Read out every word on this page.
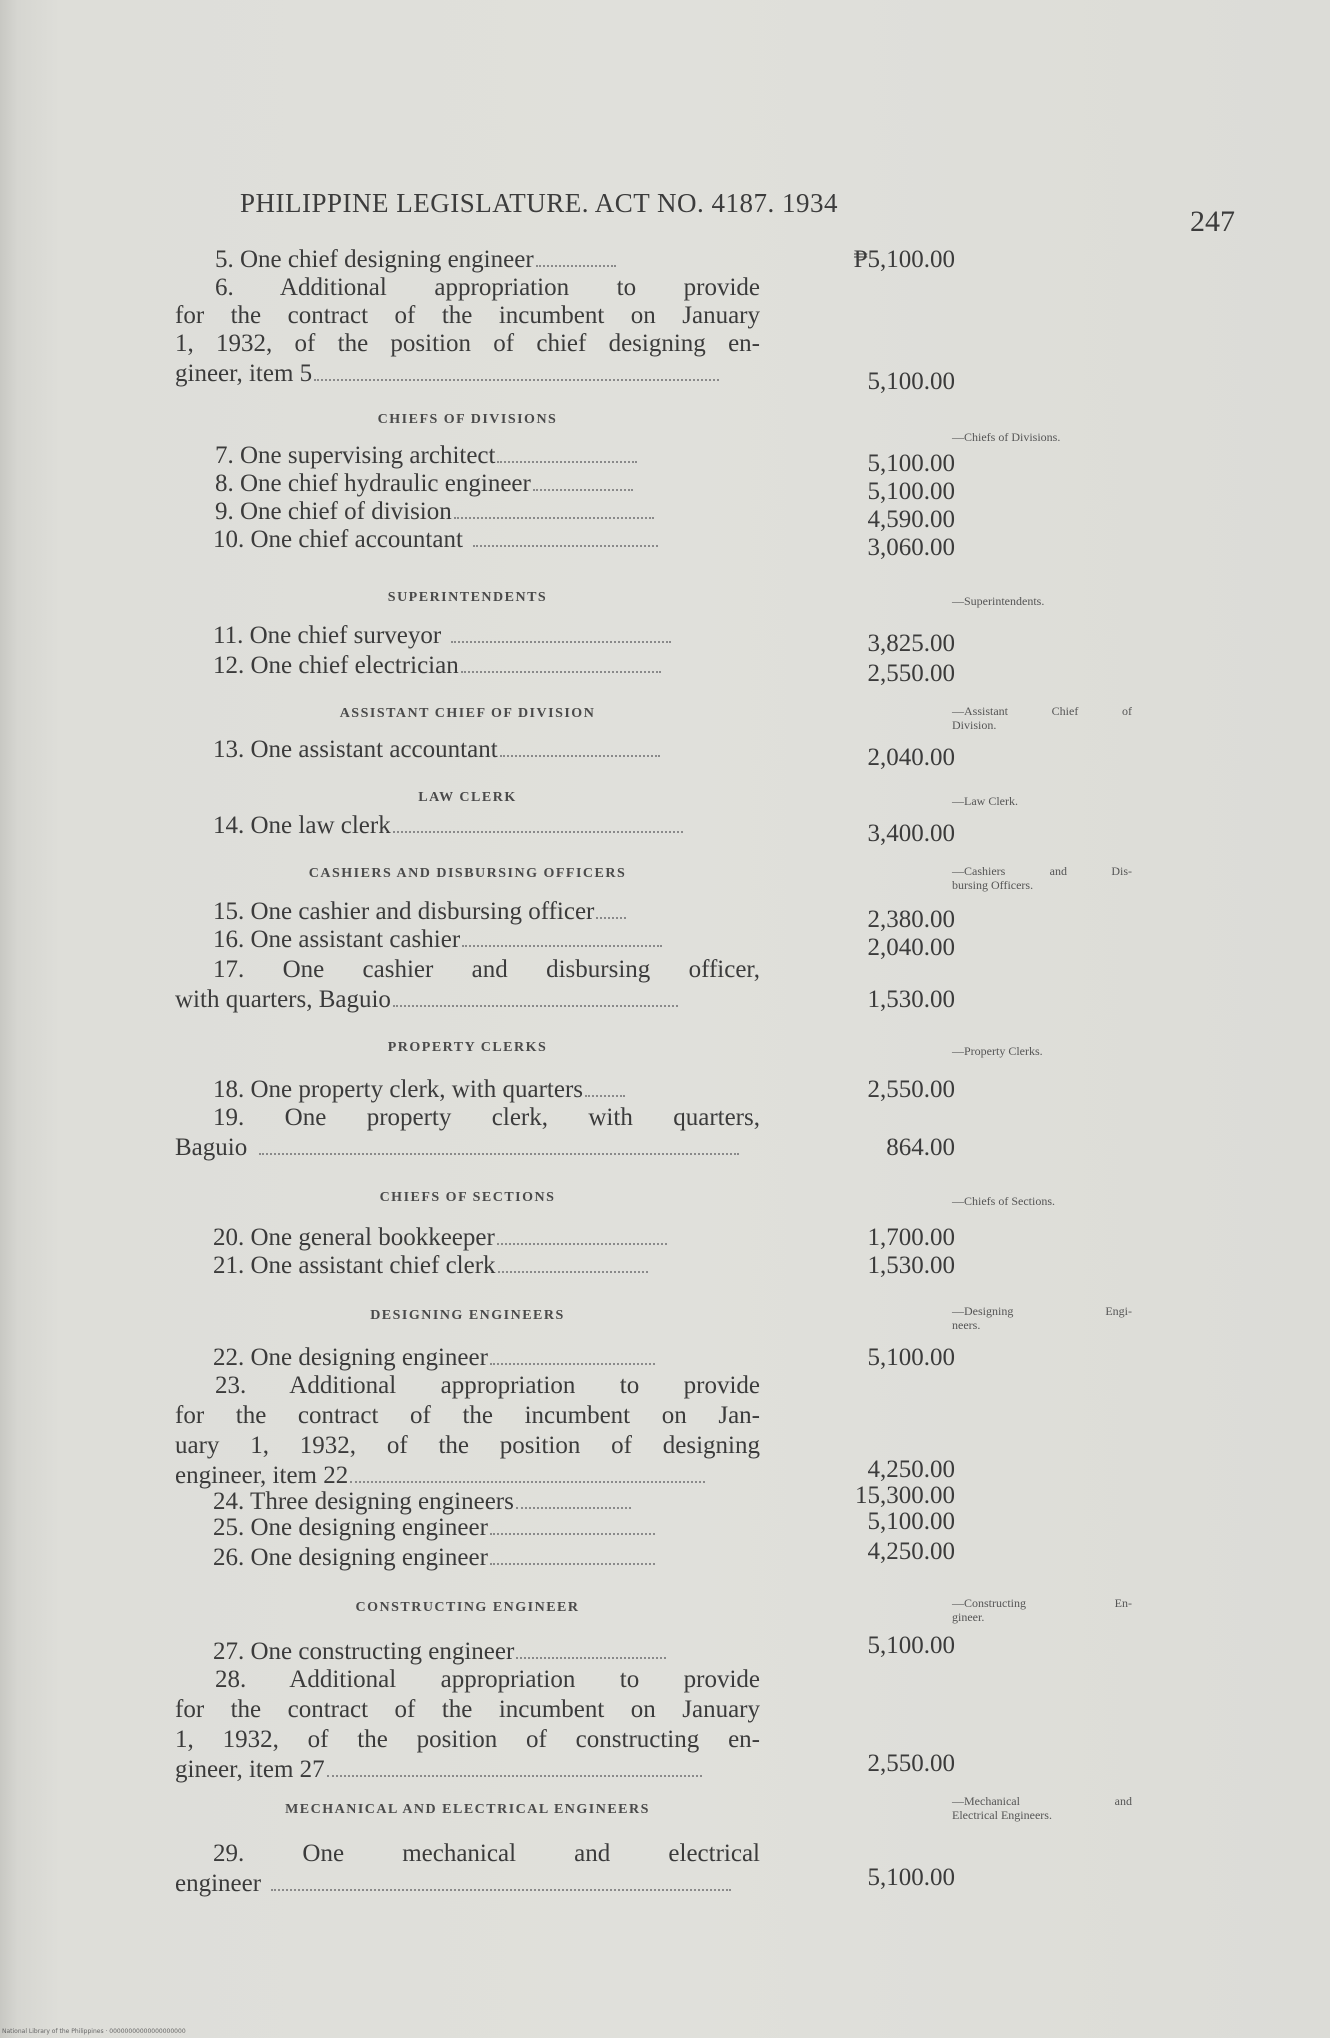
PHILIPPINE LEGISLATURE. ACT NO. 4187. 1934
247
5. One chief designing engineer	₱5,100.00
6. Additional appropriation to provide
for the contract of the incumbent on January
1, 1932, of the position of chief designing en-
gineer, item 5	5,100.00
CHIEFS OF DIVISIONS
—Chiefs of Divisions.
7. One supervising architect	5,100.00
8. One chief hydraulic engineer	5,100.00
9. One chief of division	4,590.00
10. One chief accountant	3,060.00
SUPERINTENDENTS	—Superintendents.
11. One chief surveyor	3,825.00
12. One chief electrician	2,550.00
ASSISTANT CHIEF OF DIVISION	—Assistant Chief of
Division.
13. One assistant accountant	2,040.00
LAW CLERK	—Law Clerk.
14. One law clerk	3,400.00
CASHIERS AND DISBURSING OFFICERS	—Cashiers and Dis-
bursing Officers.
15. One cashier and disbursing officer	2,380.00
16. One assistant cashier	2,040.00
17. One cashier and disbursing officer,
with quarters, Baguio	1,530.00
PROPERTY CLERKS	—Property Clerks.
18. One property clerk, with quarters	2,550.00
19. One property clerk, with quarters,
Baguio	864.00
CHIEFS OF SECTIONS	—Chiefs of Sections.
20. One general bookkeeper	1,700.00
21. One assistant chief clerk	1,530.00
DESIGNING ENGINEERS	—Designing Engi-
neers.
22. One designing engineer	5,100.00
23. Additional appropriation to provide
for the contract of the incumbent on Jan-
uary 1, 1932, of the position of designing
engineer, item 22	4,250.00
24. Three designing engineers	15,300.00
25. One designing engineer	5,100.00
26. One designing engineer	4,250.00
CONSTRUCTING ENGINEER	—Constructing En-
gineer.
27. One constructing engineer	5,100.00
28. Additional appropriation to provide
for the contract of the incumbent on January
1, 1932, of the position of constructing en-
gineer, item 27	2,550.00
MECHANICAL AND ELECTRICAL ENGINEERS
—Mechanical and
Electrical Engineers.
29. One mechanical and electrical
engineer	5,100.00
National Library of the Philippines · 00000000000000000000
